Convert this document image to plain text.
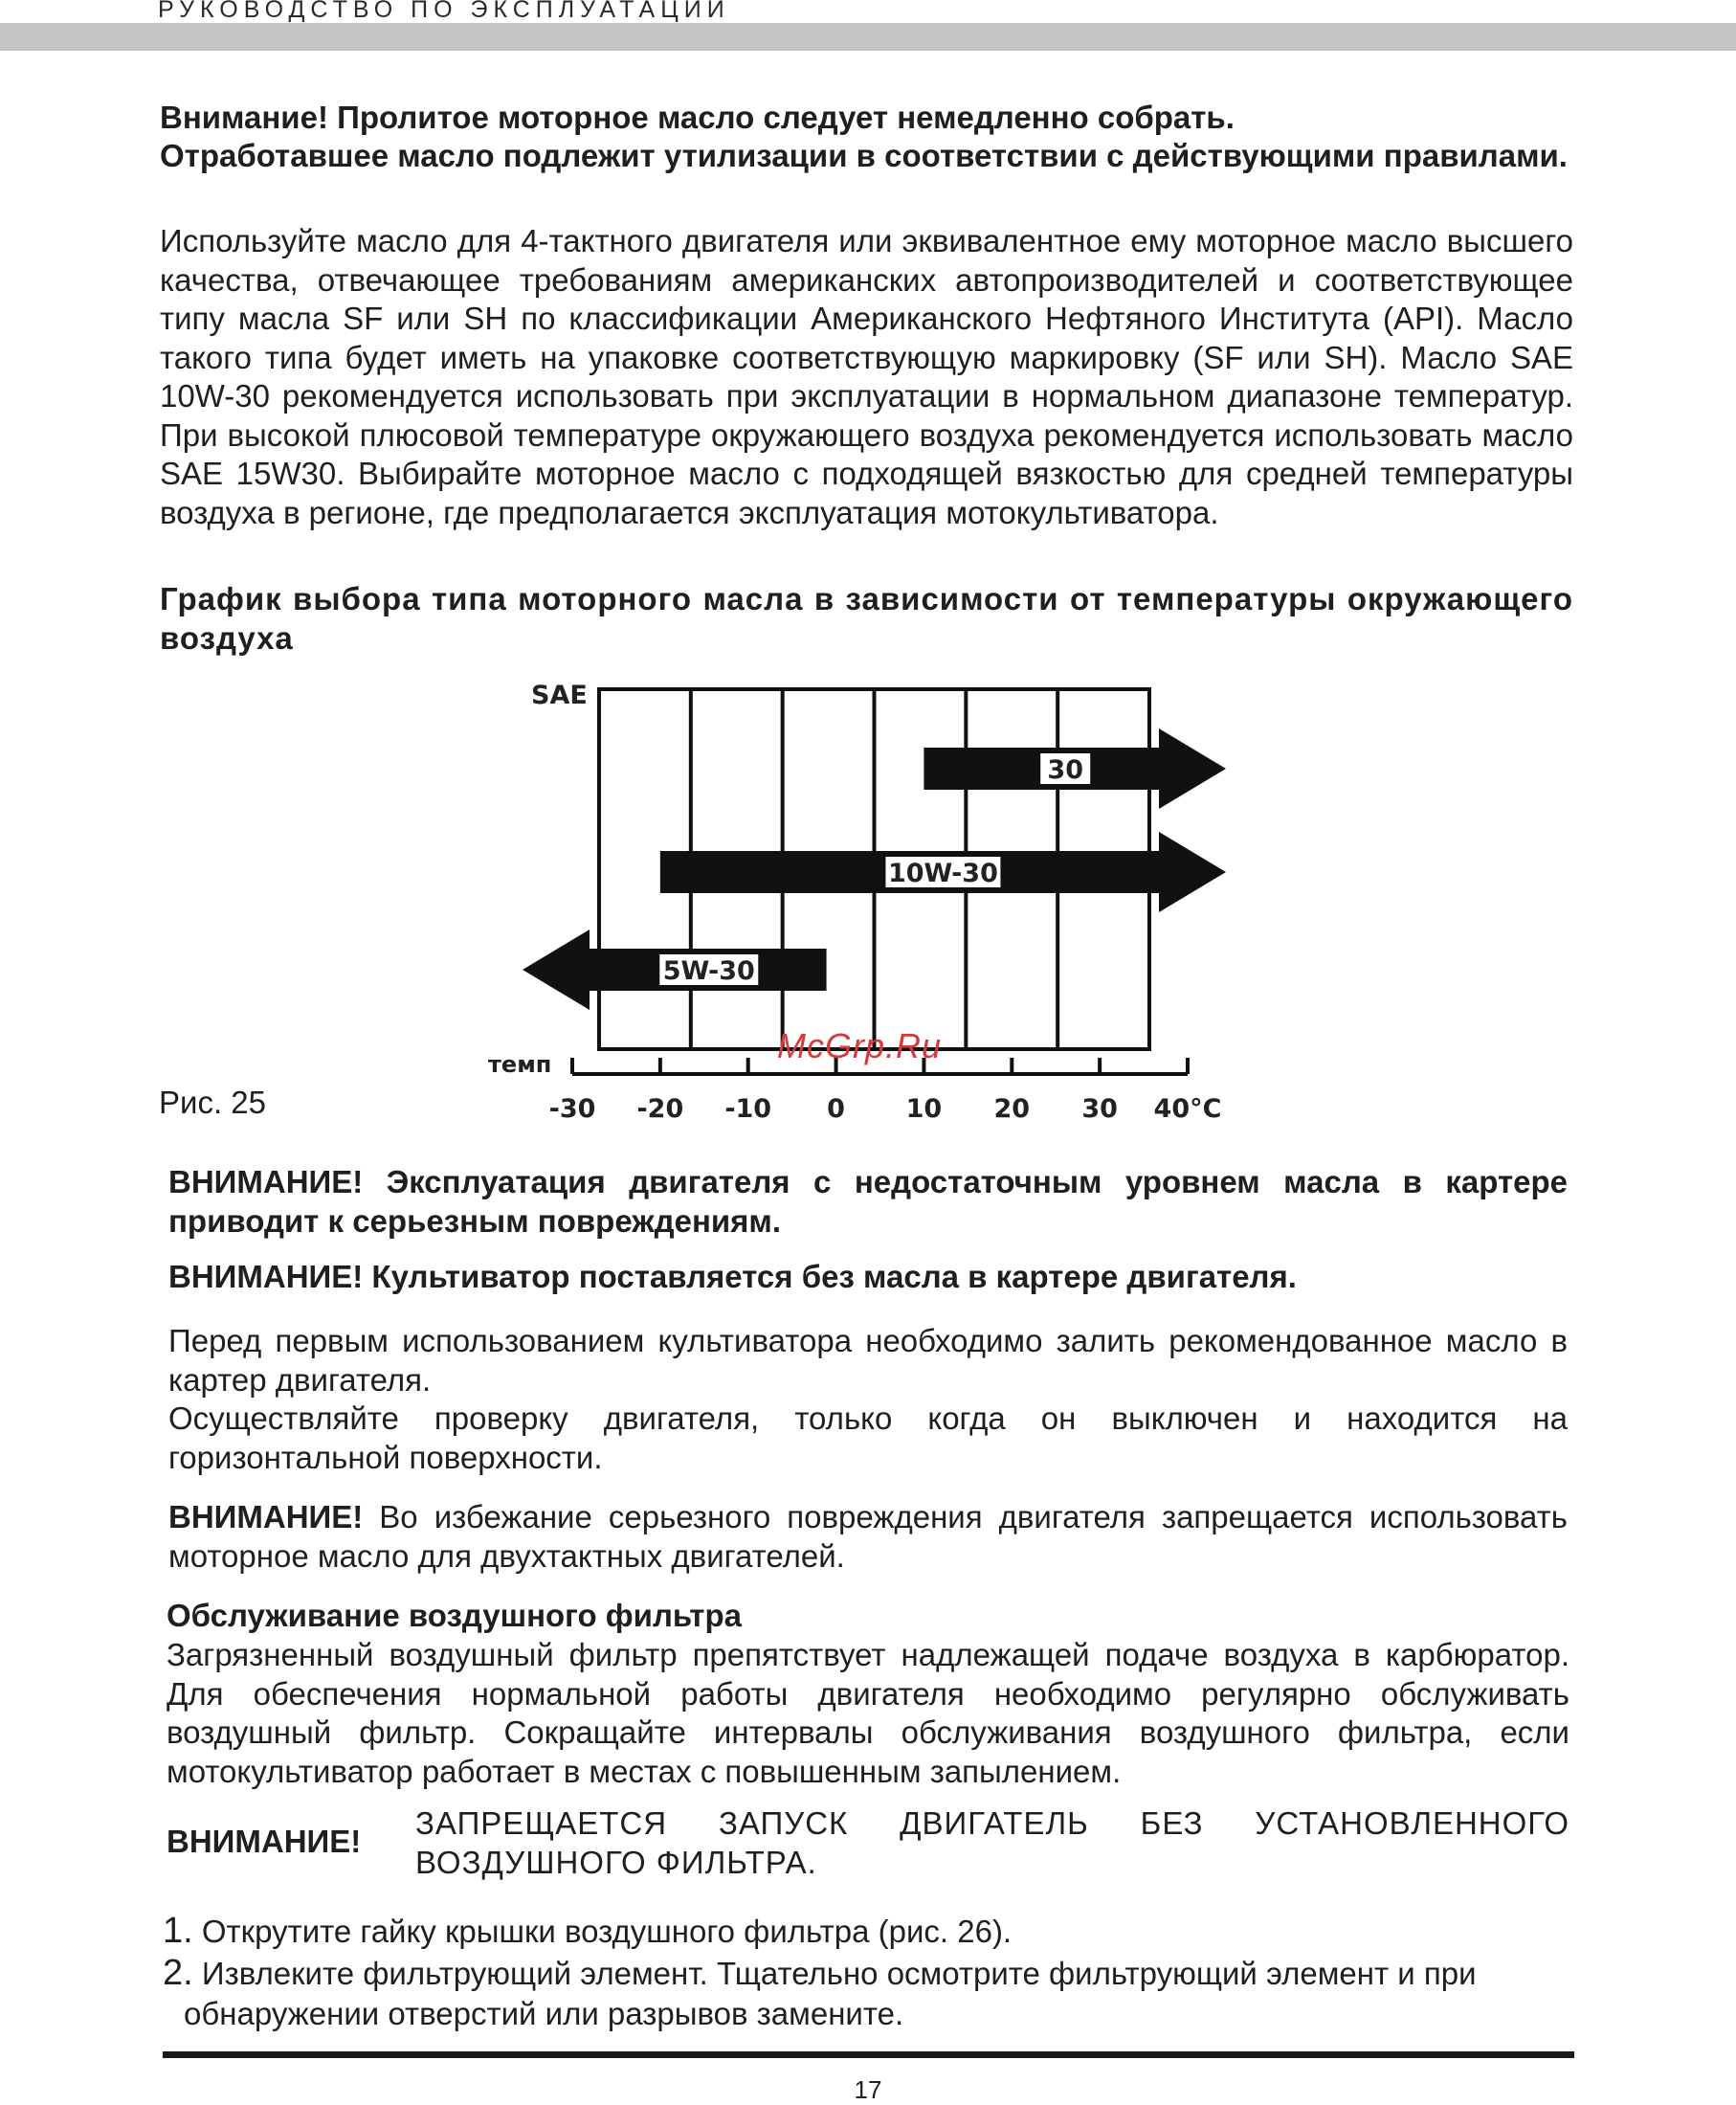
РУКОВОДСТВО ПО ЭКСПЛУАТАЦИИ

Внимание! Пролитое моторное масло следует немедленно собрать.

Отработавшее масло подлежит утилизации в соответствии с действующими правилами.

Используйте масло для 4-тактного двигателя или эквивалентное ему моторное масло высшего качества, отвечающее требованиям американских автопроизводителей и соответствующее типу масла SF или SH по классификации Американского Нефтяного Института (API). Масло такого типа будет иметь на упаковке соответствующую маркировку (SF или SH). Масло SAE 10W-30 рекомендуется использовать при эксплуатации в нормальном диапазоне температур. При высокой плюсовой температуре окружающего воздуха рекомендуется использовать масло SAE 15W30. Выбирайте моторное масло с подходящей вязкостью для средней температуры воздуха в регионе, где предполагается эксплуатация мотокультиватора.

График выбора типа моторного масла в зависимости от температуры окружающего воздуха

Рис. 25
30
10W-30
5W-30
SAE
темп
-30 -20 -10 0 10 20 30 40°C
McGrp.Ru

ВНИМАНИЕ! Эксплуатация двигателя с недостаточным уровнем масла в картере приводит к серьезным повреждениям.

ВНИМАНИЕ! Культиватор поставляется без масла в картере двигателя.

Перед первым использованием культиватора необходимо залить рекомендованное масло в картер двигателя.

Осуществляйте проверку двигателя, только когда он выключен и находится на горизонтальной поверхности.

ВНИМАНИЕ! Во избежание серьезного повреждения двигателя запрещается использовать моторное масло для двухтактных двигателей.

Обслуживание воздушного фильтра

Загрязненный воздушный фильтр препятствует надлежащей подаче воздуха в карбюратор. Для обеспечения нормальной работы двигателя необходимо регулярно обслуживать воздушный фильтр. Сокращайте интервалы обслуживания воздушного фильтра, если мотокультиватор работает в местах с повышенным запылением.

ВНИМАНИЕ!

ЗАПРЕЩАЕТСЯ ЗАПУСК ДВИГАТЕЛЬ БЕЗ УСТАНОВЛЕННОГО ВОЗДУШНОГО ФИЛЬТРА.

1. Открутите гайку крышки воздушного фильтра (рис. 26).

2. Извлеките фильтрующий элемент. Тщательно осмотрите фильтрующий элемент и при обнаружении отверстий или разрывов замените.

17
